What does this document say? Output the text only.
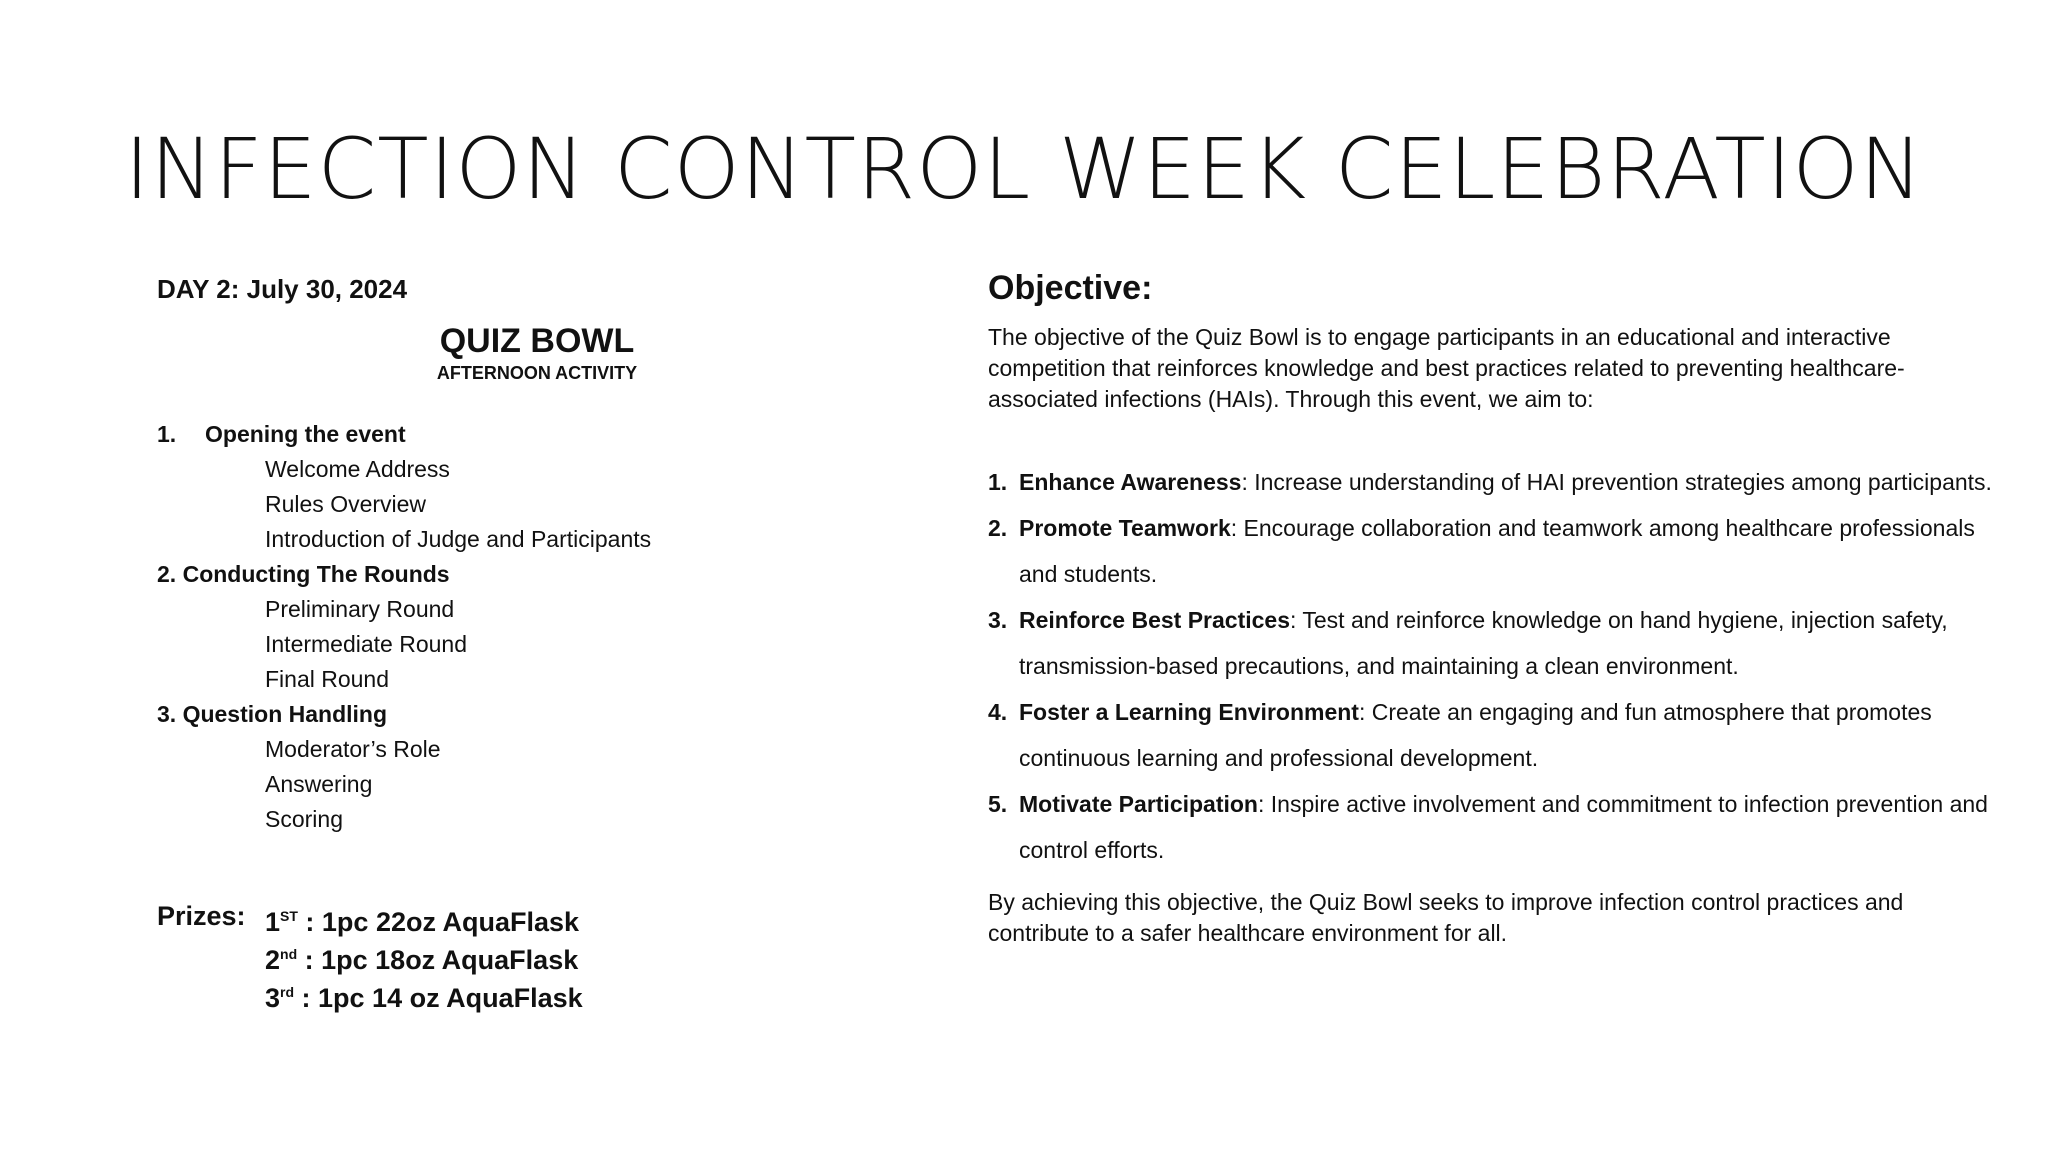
INFECTION CONTROL WEEK CELEBRATION
DAY 2: July 30, 2024
QUIZ BOWL
AFTERNOON ACTIVITY
1. Opening the event
Welcome Address
Rules Overview
Introduction of Judge and Participants
2. Conducting The Rounds
Preliminary Round
Intermediate Round
Final Round
3. Question Handling
Moderator’s Role
Answering
Scoring
Prizes: 1ST : 1pc 22oz AquaFlask
2nd : 1pc 18oz AquaFlask
3rd : 1pc 14 oz AquaFlask
Objective:
The objective of the Quiz Bowl is to engage participants in an educational and interactive competition that reinforces knowledge and best practices related to preventing healthcare-associated infections (HAIs). Through this event, we aim to:
1. Enhance Awareness: Increase understanding of HAI prevention strategies among participants.
2. Promote Teamwork: Encourage collaboration and teamwork among healthcare professionals and students.
3. Reinforce Best Practices: Test and reinforce knowledge on hand hygiene, injection safety, transmission-based precautions, and maintaining a clean environment.
4. Foster a Learning Environment: Create an engaging and fun atmosphere that promotes continuous learning and professional development.
5. Motivate Participation: Inspire active involvement and commitment to infection prevention and control efforts.
By achieving this objective, the Quiz Bowl seeks to improve infection control practices and contribute to a safer healthcare environment for all.
